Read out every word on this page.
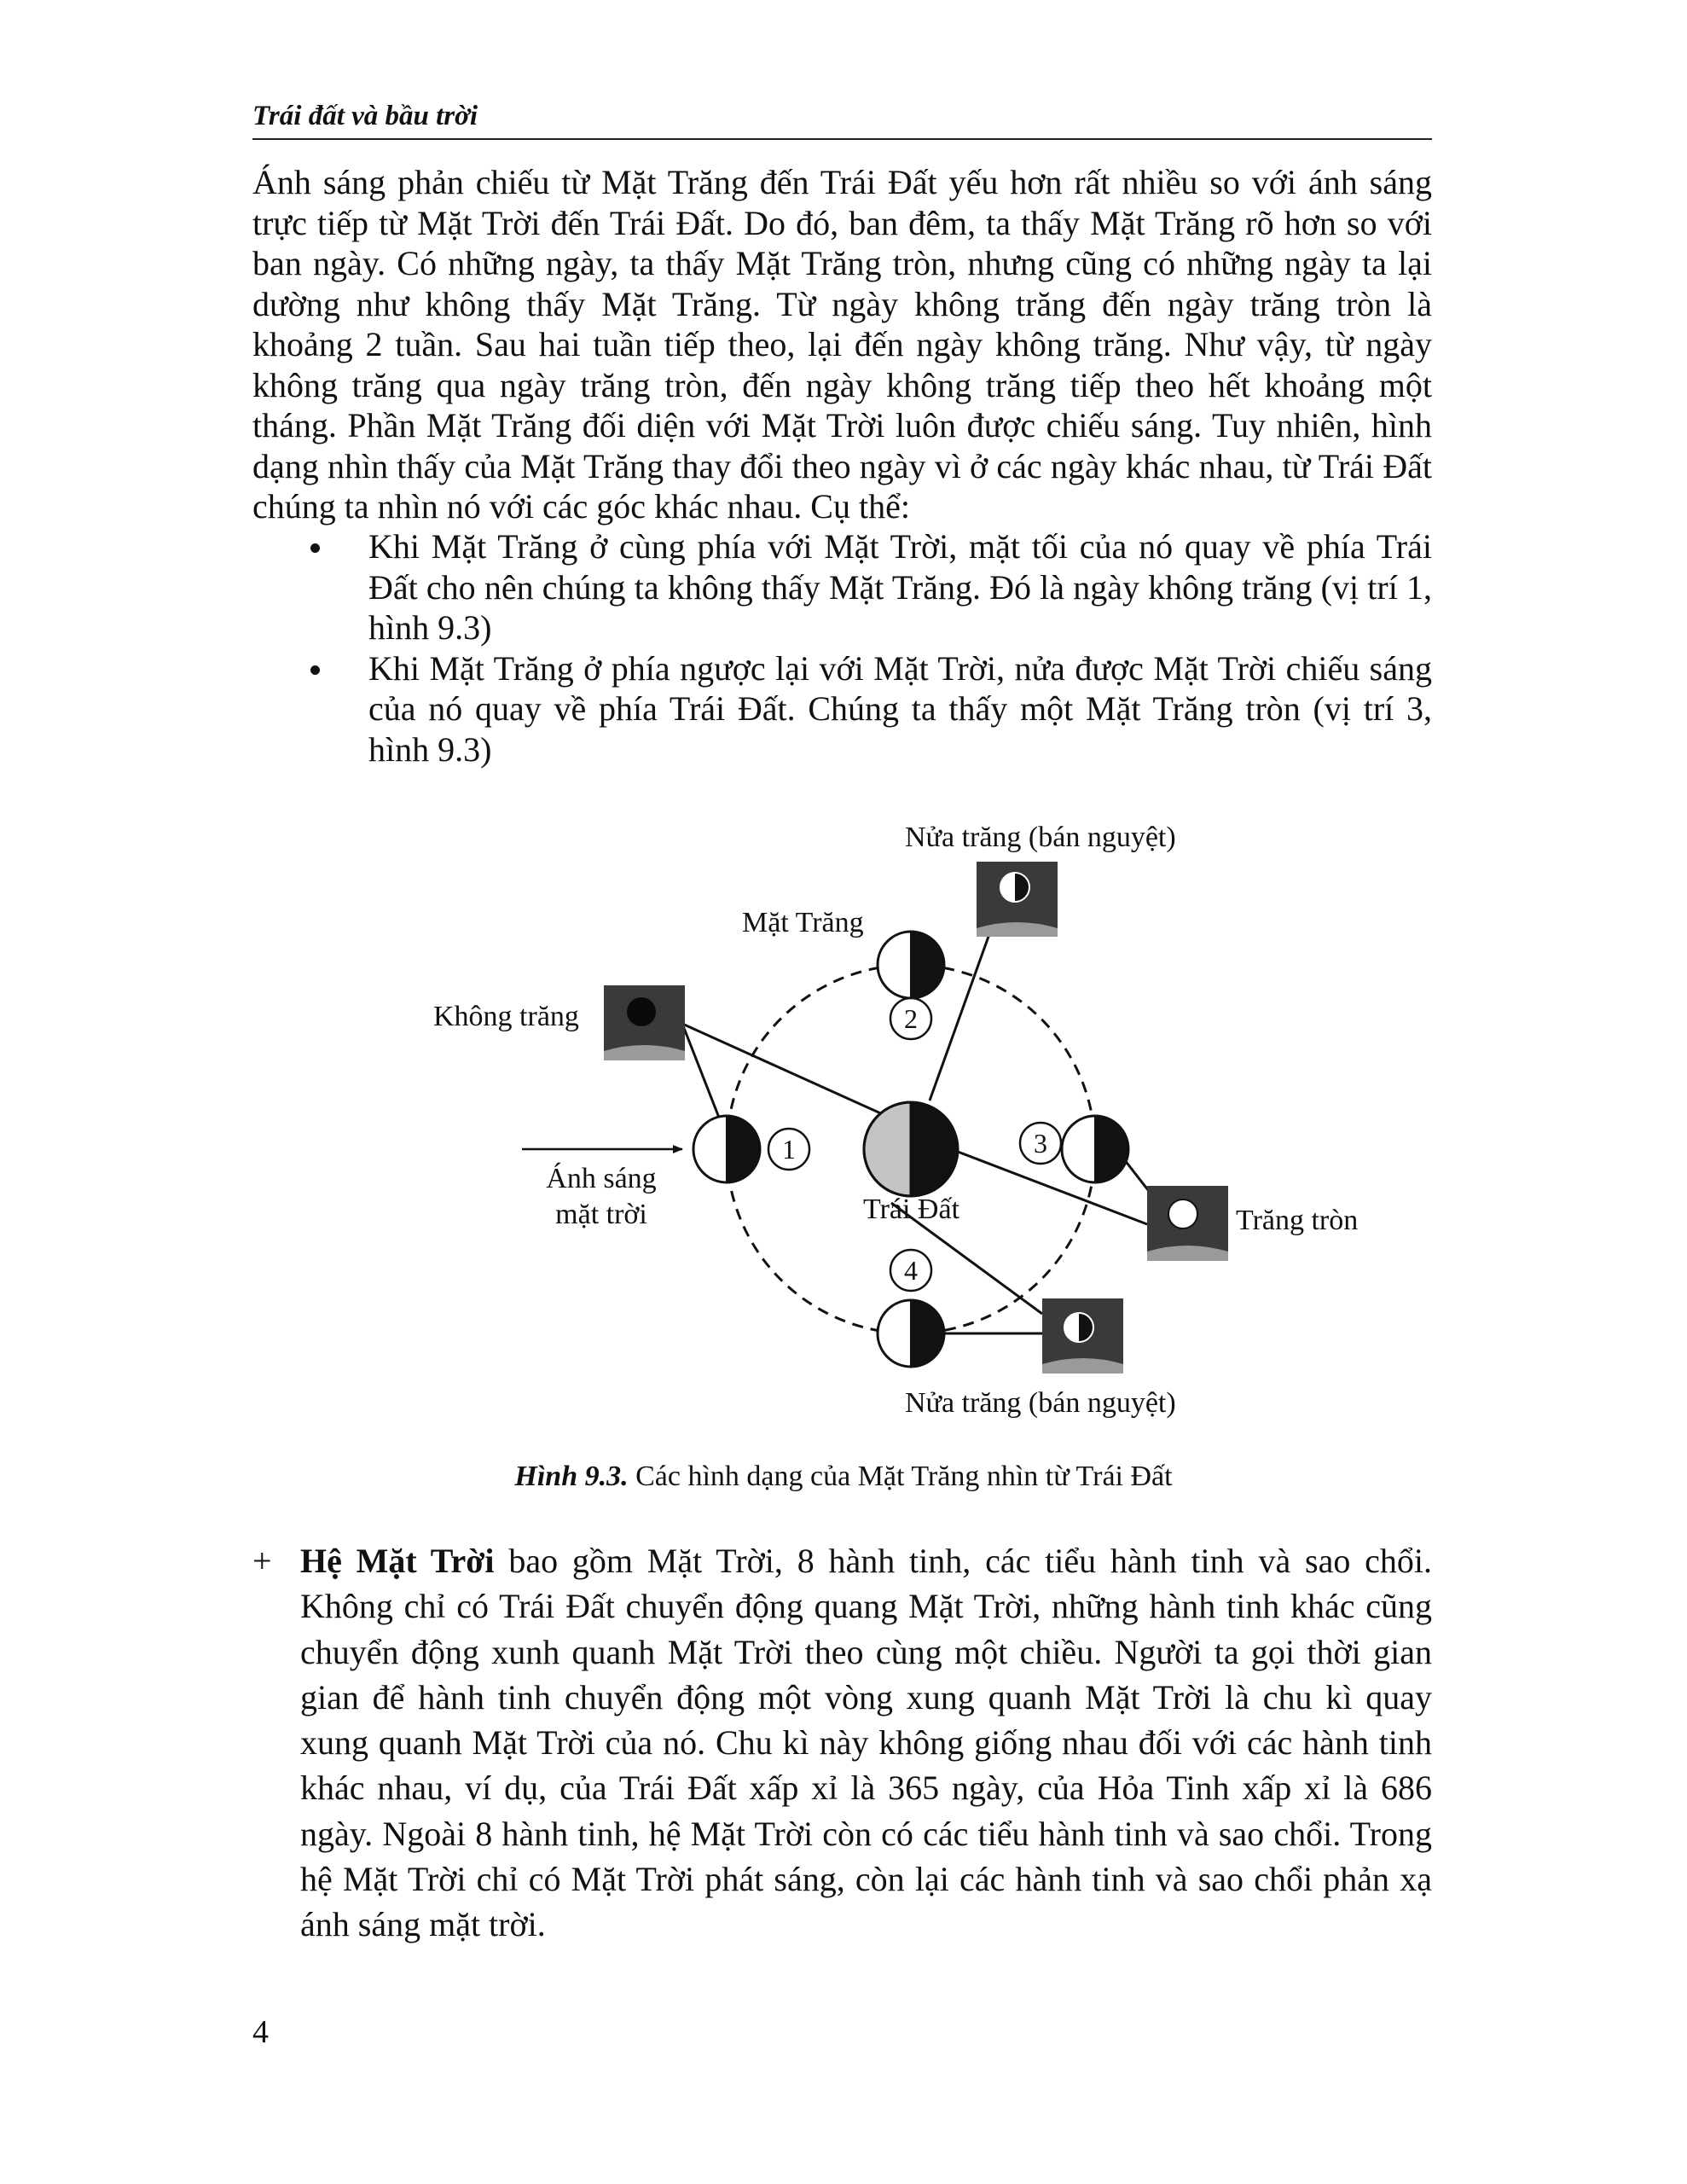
Trái đất và bầu trời

Ánh sáng phản chiếu từ Mặt Trăng đến Trái Đất yếu hơn rất nhiều so với ánh sáng trực tiếp từ Mặt Trời đến Trái Đất. Do đó, ban đêm, ta thấy Mặt Trăng rõ hơn so với ban ngày. Có những ngày, ta thấy Mặt Trăng tròn, nhưng cũng có những ngày ta lại dường như không thấy Mặt Trăng. Từ ngày không trăng đến ngày trăng tròn là khoảng 2 tuần. Sau hai tuần tiếp theo, lại đến ngày không trăng. Như vậy, từ ngày không trăng qua ngày trăng tròn, đến ngày không trăng tiếp theo hết khoảng một tháng. Phần Mặt Trăng đối diện với Mặt Trời luôn được chiếu sáng. Tuy nhiên, hình dạng nhìn thấy của Mặt Trăng thay đổi theo ngày vì ở các ngày khác nhau, từ Trái Đất chúng ta nhìn nó với các góc khác nhau. Cụ thể:

Khi Mặt Trăng ở cùng phía với Mặt Trời, mặt tối của nó quay về phía Trái Đất cho nên chúng ta không thấy Mặt Trăng. Đó là ngày không trăng (vị trí 1, hình 9.3)
Khi Mặt Trăng ở phía ngược lại với Mặt Trời, nửa được Mặt Trời chiếu sáng của nó quay về phía Trái Đất. Chúng ta thấy một Mặt Trăng tròn (vị trí 3, hình 9.3)
1
2
3
4
Nửa trăng (bán nguyệt)
Mặt Trăng
Không trăng
Ánh sáng
mặt trời	Trái Đất	Trăng tròn
Nửa trăng (bán nguyệt)
Hình 9.3. Các hình dạng của Mặt Trăng nhìn từ Trái Đất
+ Hệ Mặt Trời bao gồm Mặt Trời, 8 hành tinh, các tiểu hành tinh và sao chổi. Không chỉ có Trái Đất chuyển động quang Mặt Trời, những hành tinh khác cũng chuyển động xunh quanh Mặt Trời theo cùng một chiều. Người ta gọi thời gian gian để hành tinh chuyển động một vòng xung quanh Mặt Trời là chu kì quay xung quanh Mặt Trời của nó. Chu kì này không giống nhau đối với các hành tinh khác nhau, ví dụ, của Trái Đất xấp xỉ là 365 ngày, của Hỏa Tinh xấp xỉ là 686 ngày. Ngoài 8 hành tinh, hệ Mặt Trời còn có các tiểu hành tinh và sao chổi. Trong hệ Mặt Trời chỉ có Mặt Trời phát sáng, còn lại các hành tinh và sao chổi phản xạ ánh sáng mặt trời.
4
